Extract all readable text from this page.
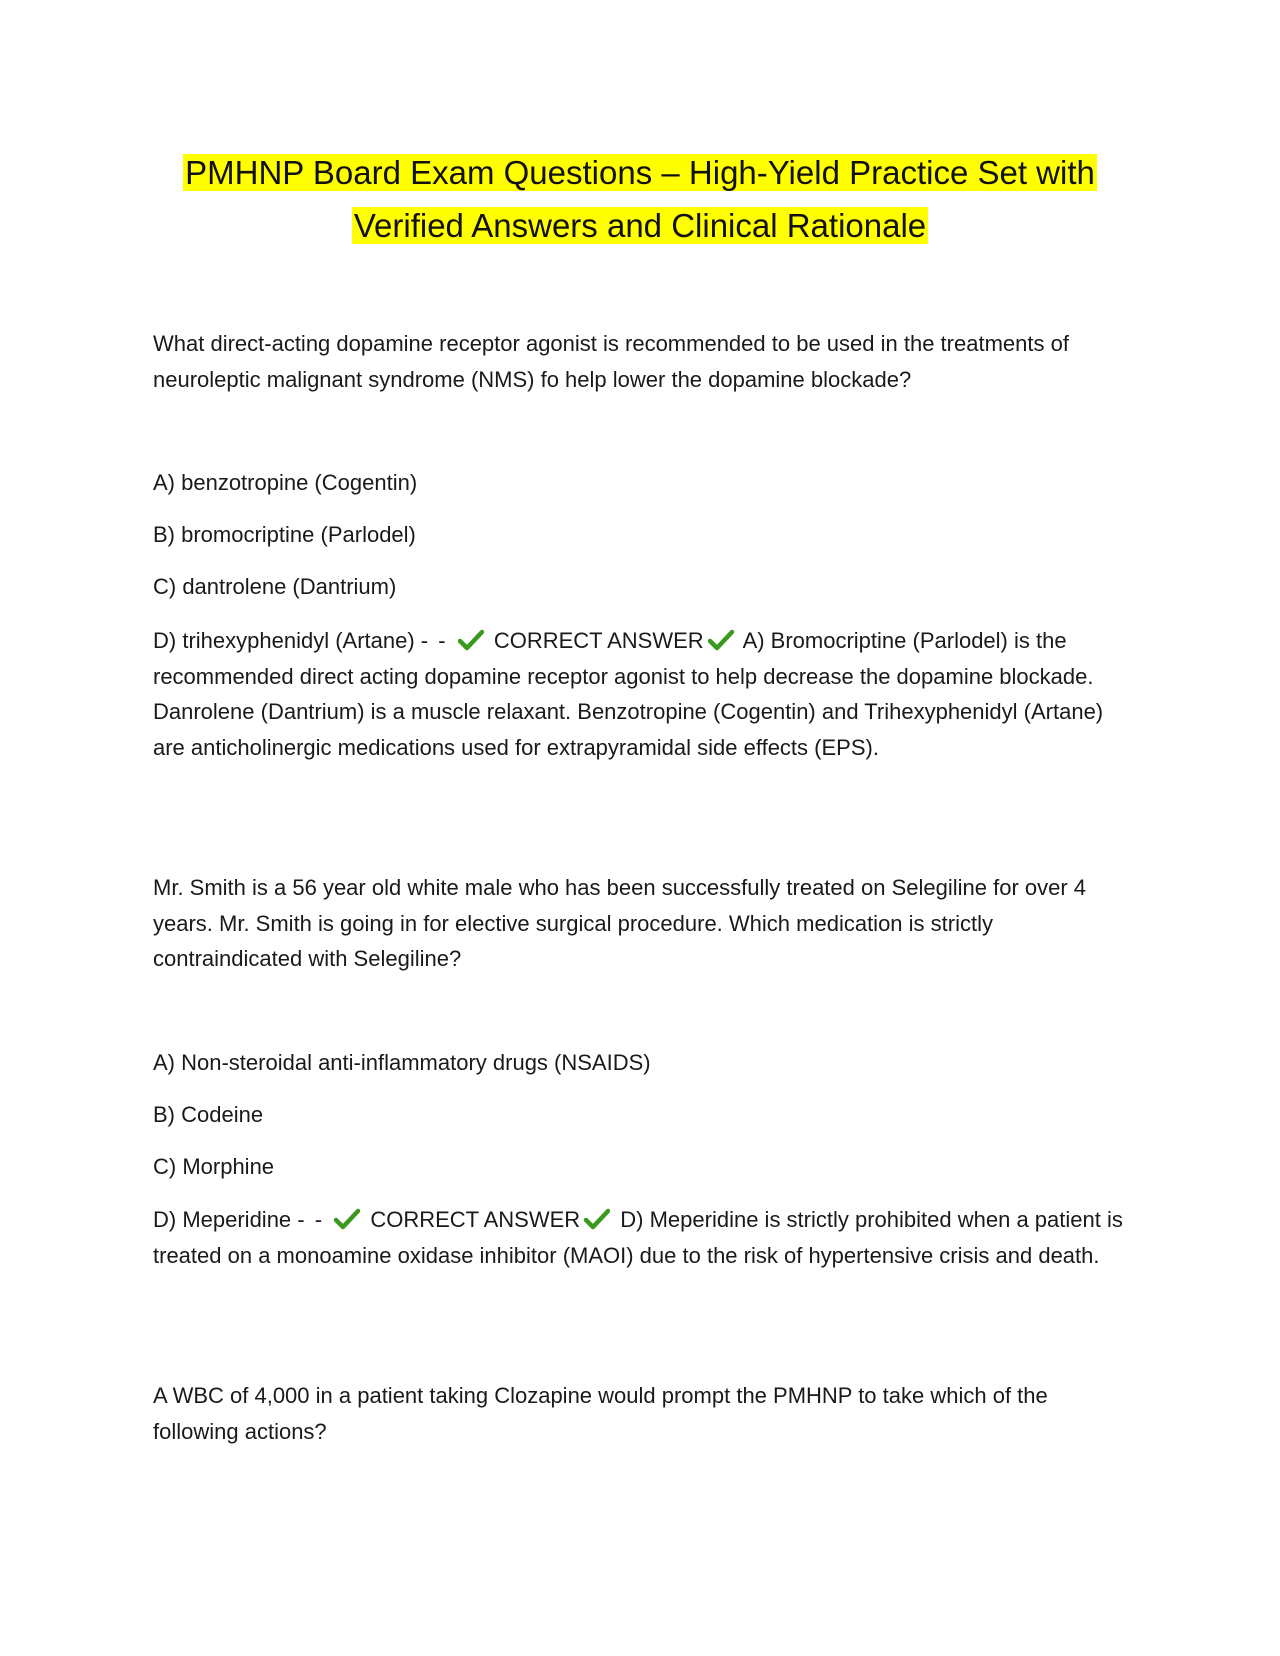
PMHNP Board Exam Questions – High-Yield Practice Set with
Verified Answers and Clinical Rationale
What direct-acting dopamine receptor agonist is recommended to be used in the treatments of neuroleptic malignant syndrome (NMS) fo help lower the dopamine blockade?
A) benzotropine (Cogentin)
B) bromocriptine (Parlodel)
C) dantrolene (Dantrium)
D) trihexyphenidyl (Artane) - - CORRECT ANSWER A) Bromocriptine (Parlodel) is the recommended direct acting dopamine receptor agonist to help decrease the dopamine blockade. Danrolene (Dantrium) is a muscle relaxant. Benzotropine (Cogentin) and Trihexyphenidyl (Artane) are anticholinergic medications used for extrapyramidal side effects (EPS).
Mr. Smith is a 56 year old white male who has been successfully treated on Selegiline for over 4 years. Mr. Smith is going in for elective surgical procedure. Which medication is strictly contraindicated with Selegiline?
A) Non-steroidal anti-inflammatory drugs (NSAIDS)
B) Codeine
C) Morphine
D) Meperidine - - CORRECT ANSWER D) Meperidine is strictly prohibited when a patient is treated on a monoamine oxidase inhibitor (MAOI) due to the risk of hypertensive crisis and death.
A WBC of 4,000 in a patient taking Clozapine would prompt the PMHNP to take which of the following actions?
